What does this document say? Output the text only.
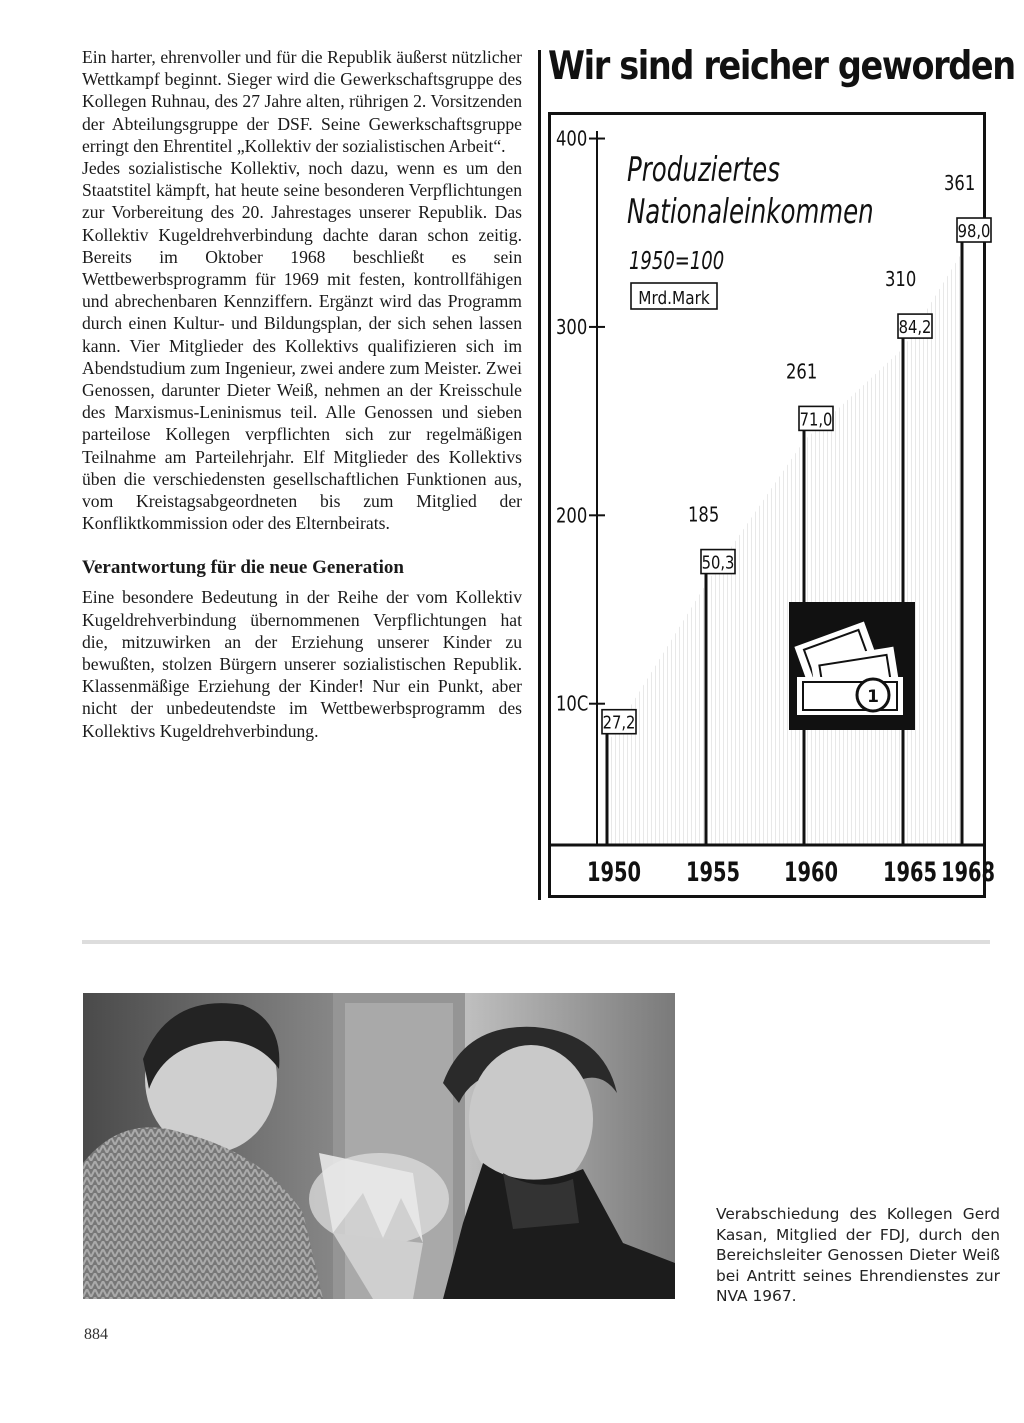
Ein harter, ehrenvoller und für die Republik äußerst nützlicher Wettkampf beginnt. Sieger wird die Gewerkschaftsgruppe des Kollegen Ruhnau, des 27 Jahre alten, rührigen 2. Vorsitzenden der Abteilungsgruppe der DSF. Seine Gewerkschaftsgruppe erringt den Ehrentitel „Kollektiv der sozialistischen Arbeit“.

Jedes sozialistische Kollektiv, noch dazu, wenn es um den Staatstitel kämpft, hat heute seine besonderen Verpflichtungen zur Vorbereitung des 20. Jahrestages unserer Republik. Das Kollektiv Kugeldrehverbindung dachte daran schon zeitig. Bereits im Oktober 1968 beschließt es sein Wettbewerbsprogramm für 1969 mit festen, kontrollfähigen und abrechenbaren Kennziffern. Ergänzt wird das Programm durch einen Kultur- und Bildungsplan, der sich sehen lassen kann. Vier Mitglieder des Kollektivs qualifizieren sich im Abendstudium zum Ingenieur, zwei andere zum Meister. Zwei Genossen, darunter Dieter Weiß, nehmen an der Kreisschule des Marxismus-Leninismus teil. Alle Genossen und sieben parteilose Kollegen verpflichten sich zur regelmäßigen Teilnahme am Parteilehrjahr. Elf Mitglieder des Kollektivs üben die verschiedensten gesellschaftlichen Funktionen aus, vom Kreistagsabgeordneten bis zum Mitglied der Konfliktkommission oder des Elternbeirats.

Verantwortung für die neue Generation

Eine besondere Bedeutung in der Reihe der vom Kollektiv Kugeldrehverbindung übernommenen Verpflichtungen hat die, mitzuwirken an der Erziehung unserer Kinder zu bewußten, stolzen Bürgern unserer sozialistischen Republik. Klassenmäßige Erziehung der Kinder! Nur ein Punkt, aber nicht der unbedeutendste im Wettbewerbsprogramm des Kollektivs Kugeldrehverbindung.

Wir sind reicher geworden
27,2
50,3
185
71,0
261
84,2
310
98,0
361
10C
200
300
400
Produziertes
Nationaleinkommen
1950=100
Mrd.Mark
1
1950 1955 1960 1965 1968
Verabschiedung des Kollegen Gerd Kasan, Mitglied der FDJ, durch den Bereichsleiter Genossen Dieter Weiß bei Antritt seines Ehrendienstes zur NVA 1967.
884
